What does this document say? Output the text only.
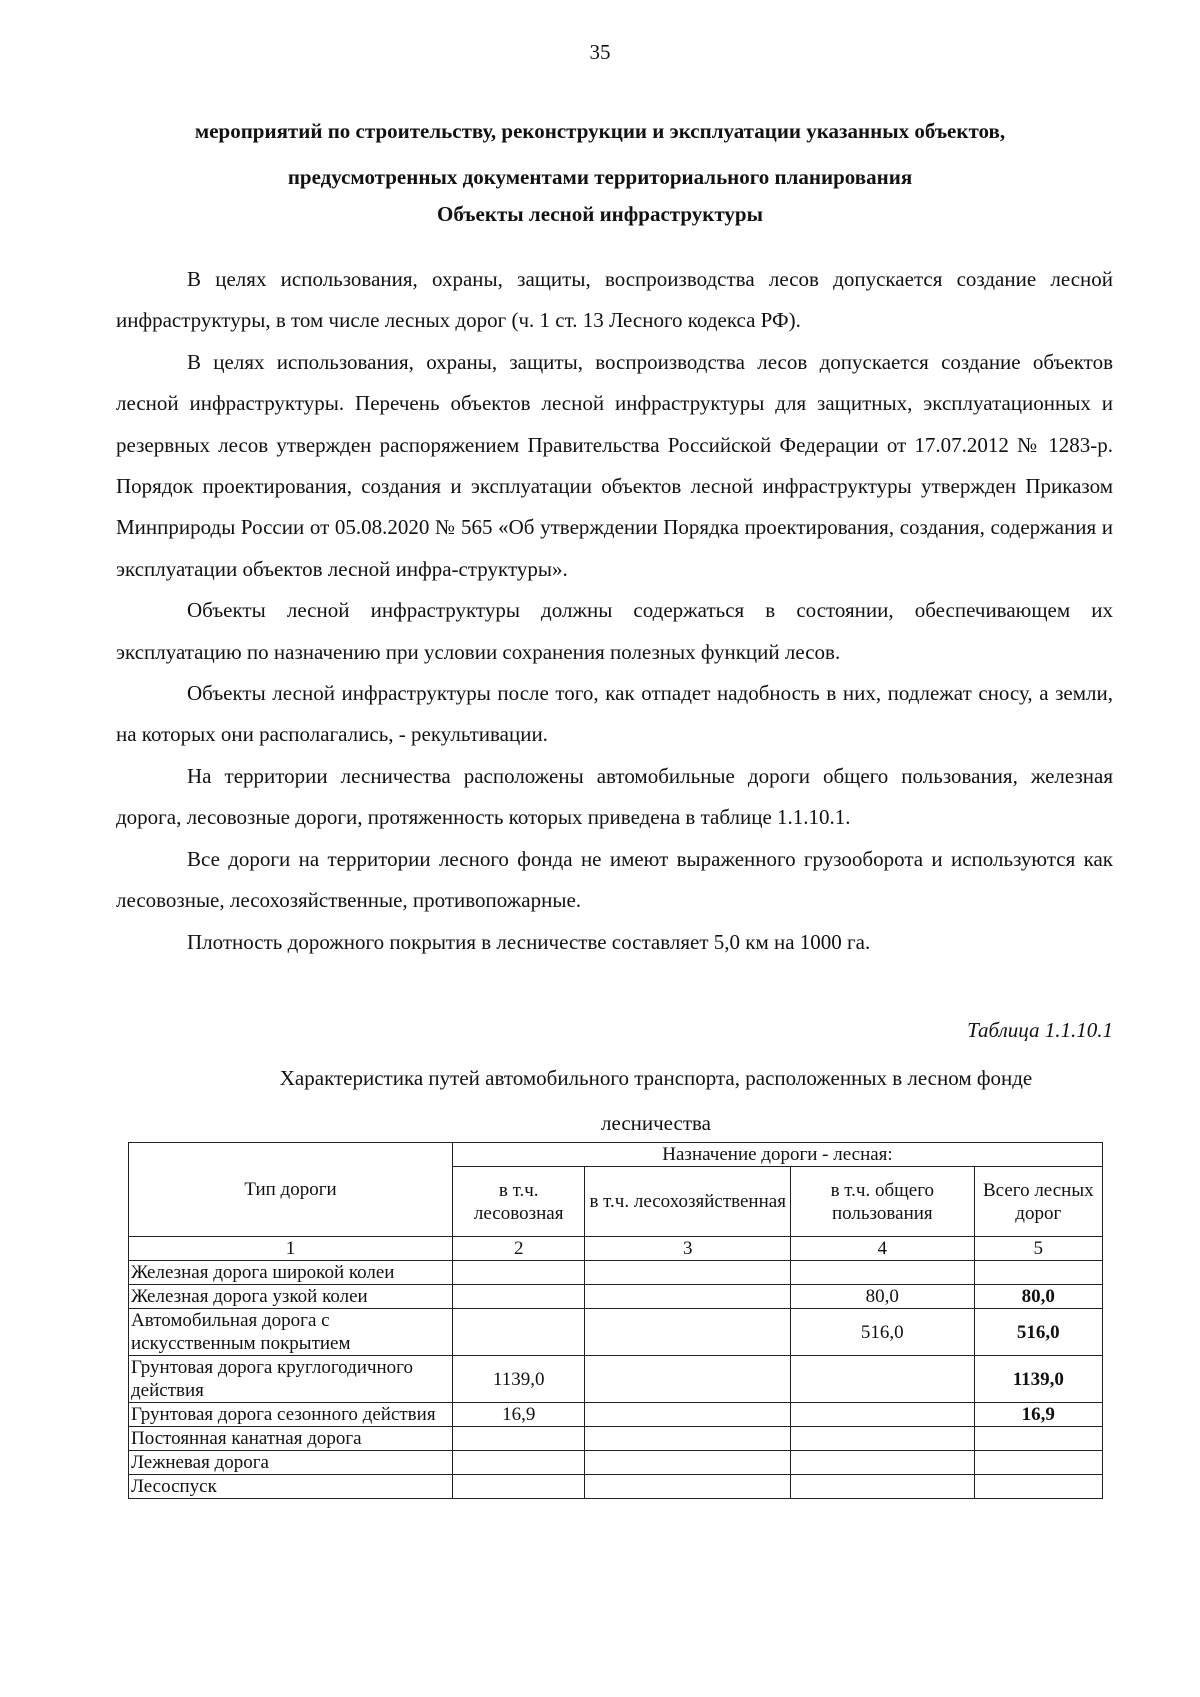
35
мероприятий по строительству, реконструкции и эксплуатации указанных объектов,
предусмотренных документами территориального планирования
Объекты лесной инфраструктуры

В целях использования, охраны, защиты, воспроизводства лесов допускается создание лесной инфраструктуры, в том числе лесных дорог (ч. 1 ст. 13 Лесного кодекса РФ).

В целях использования, охраны, защиты, воспроизводства лесов допускается создание объектов лесной инфраструктуры. Перечень объектов лесной инфраструктуры для защитных, эксплуатационных и резервных лесов утвержден распоряжением Правительства Российской Федерации от 17.07.2012 № 1283-р. Порядок проектирования, создания и эксплуатации объектов лесной инфраструктуры утвержден Приказом Минприроды России от 05.08.2020 № 565 «Об утверждении Порядка проектирования, создания, содержания и эксплуатации объектов лесной инфра-структуры».

Объекты лесной инфраструктуры должны содержаться в состоянии, обеспечивающем их эксплуатацию по назначению при условии сохранения полезных функций лесов.

Объекты лесной инфраструктуры после того, как отпадет надобность в них, подлежат сносу, а земли, на которых они располагались, - рекультивации.

На территории лесничества расположены автомобильные дороги общего пользования, железная дорога, лесовозные дороги, протяженность которых приведена в таблице 1.1.10.1.

Все дороги на территории лесного фонда не имеют выраженного грузооборота и используются как лесовозные, лесохозяйственные, противопожарные.

Плотность дорожного покрытия в лесничестве составляет 5,0 км на 1000 га.

Таблица 1.1.10.1
Характеристика путей автомобильного транспорта, расположенных в лесном фонде
лесничества
Тип дороги	Назначение дороги - лесная:			
	в т.ч. лесовозная	в т.ч. лесохозяйственная	в т.ч. общего пользования	Всего лесных дорог
1	2	3	4	5
Железная дорога широкой колеи				
Железная дорога узкой колеи			80,0	80,0
Автомобильная дорога с искусственным покрытием			516,0	516,0
Грунтовая дорога круглогодичного действия	1139,0			1139,0
Грунтовая дорога сезонного действия	16,9			16,9
Постоянная канатная дорога				
Лежневая дорога				
Лесоспуск				
